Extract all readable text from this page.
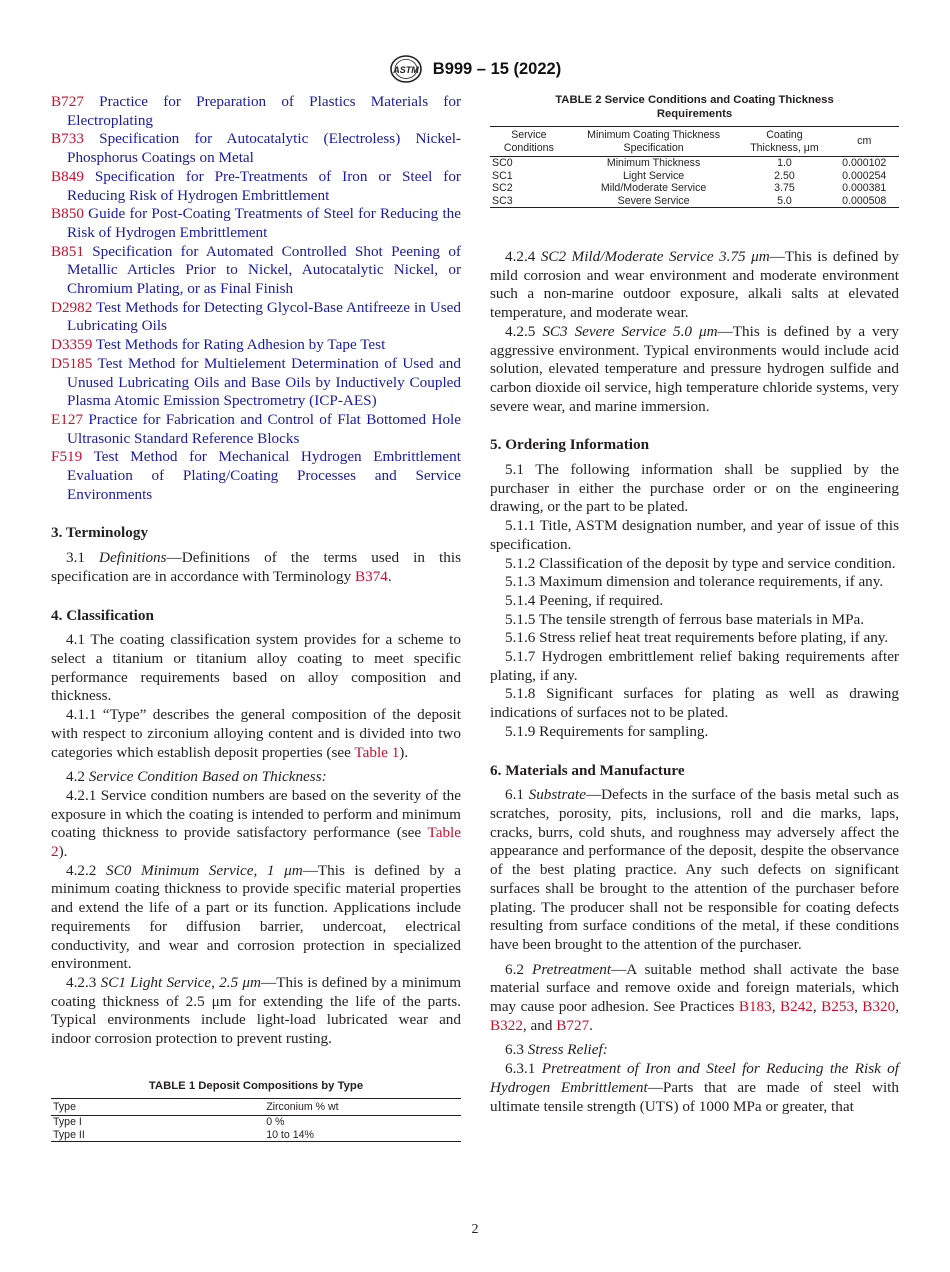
ASTM B999 – 15 (2022)
B727 Practice for Preparation of Plastics Materials for Electroplating
B733 Specification for Autocatalytic (Electroless) Nickel-Phosphorus Coatings on Metal
B849 Specification for Pre-Treatments of Iron or Steel for Reducing Risk of Hydrogen Embrittlement
B850 Guide for Post-Coating Treatments of Steel for Reducing the Risk of Hydrogen Embrittlement
B851 Specification for Automated Controlled Shot Peening of Metallic Articles Prior to Nickel, Autocatalytic Nickel, or Chromium Plating, or as Final Finish
D2982 Test Methods for Detecting Glycol-Base Antifreeze in Used Lubricating Oils
D3359 Test Methods for Rating Adhesion by Tape Test
D5185 Test Method for Multielement Determination of Used and Unused Lubricating Oils and Base Oils by Inductively Coupled Plasma Atomic Emission Spectrometry (ICP-AES)
E127 Practice for Fabrication and Control of Flat Bottomed Hole Ultrasonic Standard Reference Blocks
F519 Test Method for Mechanical Hydrogen Embrittlement Evaluation of Plating/Coating Processes and Service Environments
3. Terminology

3.1 Definitions—Definitions of the terms used in this specification are in accordance with Terminology B374.

4. Classification

4.1 The coating classification system provides for a scheme to select a titanium or titanium alloy coating to meet specific performance requirements based on alloy composition and thickness.

4.1.1 “Type” describes the general composition of the deposit with respect to zirconium alloying content and is divided into two categories which establish deposit properties (see Table 1).

4.2 Service Condition Based on Thickness:

4.2.1 Service condition numbers are based on the severity of the exposure in which the coating is intended to perform and minimum coating thickness to provide satisfactory performance (see Table 2).

4.2.2 SC0 Minimum Service, 1 μm—This is defined by a minimum coating thickness to provide specific material properties and extend the life of a part or its function. Applications include requirements for diffusion barrier, undercoat, electrical conductivity, and wear and corrosion protection in specialized environment.

4.2.3 SC1 Light Service, 2.5 μm—This is defined by a minimum coating thickness of 2.5 μm for extending the life of the parts. Typical environments include light-load lubricated wear and indoor corrosion protection to prevent rusting.

TABLE 1 Deposit Compositions by Type
Type	Zirconium % wt
Type I	0 %
Type II	10 to 14%
TABLE 2 Service Conditions and Coating Thickness Requirements
Service Conditions	Minimum Coating Thickness Specification	Coating Thickness, μm	cm
SC0	Minimum Thickness	1.0	0.000102
SC1	Light Service	2.50	0.000254
SC2	Mild/Moderate Service	3.75	0.000381
SC3	Severe Service	5.0	0.000508

4.2.4 SC2 Mild/Moderate Service 3.75 μm—This is defined by mild corrosion and wear environment and moderate environment such a non-marine outdoor exposure, alkali salts at elevated temperature, and moderate wear.

4.2.5 SC3 Severe Service 5.0 μm—This is defined by a very aggressive environment. Typical environments would include acid solution, elevated temperature and pressure hydrogen sulfide and carbon dioxide oil service, high temperature chloride systems, very severe wear, and marine immersion.

5. Ordering Information

5.1 The following information shall be supplied by the purchaser in either the purchase order or on the engineering drawing, or the part to be plated.

5.1.1 Title, ASTM designation number, and year of issue of this specification.

5.1.2 Classification of the deposit by type and service condition.

5.1.3 Maximum dimension and tolerance requirements, if any.

5.1.4 Peening, if required.

5.1.5 The tensile strength of ferrous base materials in MPa.

5.1.6 Stress relief heat treat requirements before plating, if any.

5.1.7 Hydrogen embrittlement relief baking requirements after plating, if any.

5.1.8 Significant surfaces for plating as well as drawing indications of surfaces not to be plated.

5.1.9 Requirements for sampling.

6. Materials and Manufacture

6.1 Substrate—Defects in the surface of the basis metal such as scratches, porosity, pits, inclusions, roll and die marks, laps, cracks, burrs, cold shuts, and roughness may adversely affect the appearance and performance of the deposit, despite the observance of the best plating practice. Any such defects on significant surfaces shall be brought to the attention of the purchaser before plating. The producer shall not be responsible for coating defects resulting from surface conditions of the metal, if these conditions have been brought to the attention of the purchaser.

6.2 Pretreatment—A suitable method shall activate the base material surface and remove oxide and foreign materials, which may cause poor adhesion. See Practices B183, B242, B253, B320, B322, and B727.

6.3 Stress Relief:

6.3.1 Pretreatment of Iron and Steel for Reducing the Risk of Hydrogen Embrittlement—Parts that are made of steel with ultimate tensile strength (UTS) of 1000 MPa or greater, that

2
